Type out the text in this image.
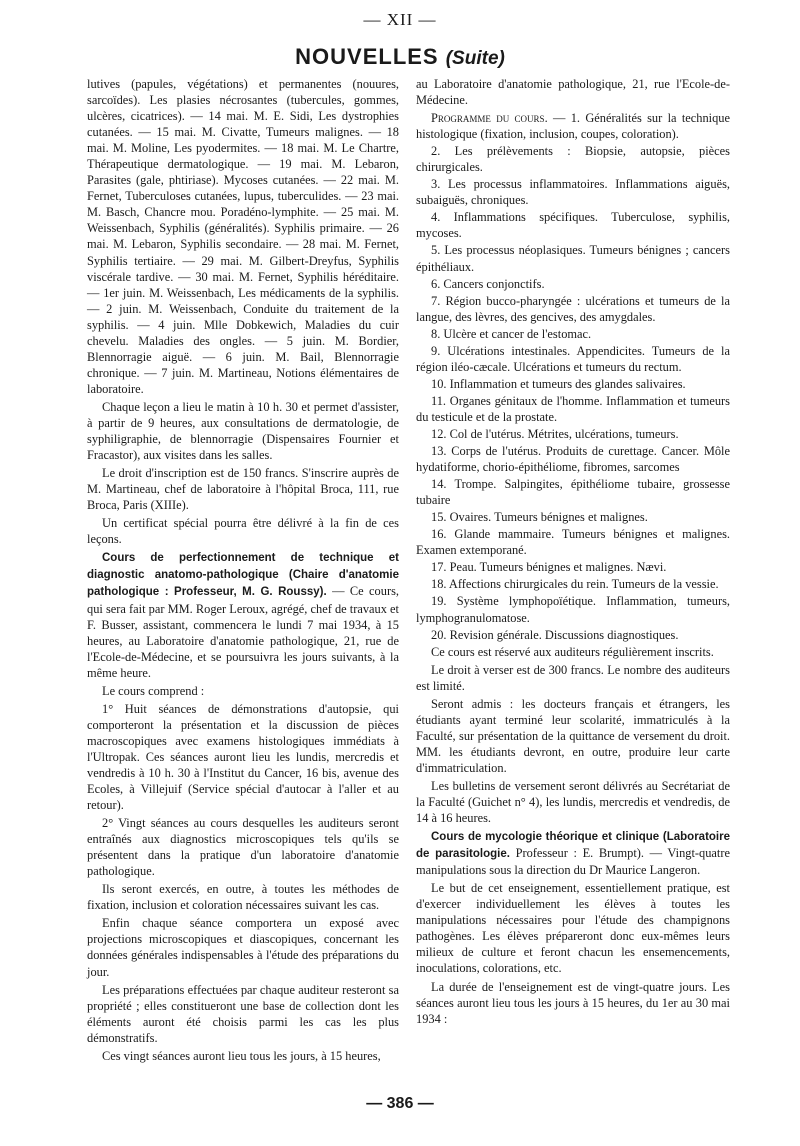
— XII —
NOUVELLES (Suite)

lutives (papules, végétations) et permanentes (nouures, sarcoïdes). Les plasies nécrosantes (tubercules, gommes, ulcères, cicatrices). — 14 mai. M. E. Sidi, Les dystrophies cutanées. — 15 mai. M. Civatte, Tumeurs malignes. — 18 mai. M. Moline, Les pyodermites. — 18 mai. M. Le Chartre, Thérapeutique dermatologique. — 19 mai. M. Lebaron, Parasites (gale, phtiriase). Mycoses cutanées. — 22 mai. M. Fernet, Tuberculoses cutanées, lupus, tuberculides. — 23 mai. M. Basch, Chancre mou. Poradéno-lymphite. — 25 mai. M. Weissenbach, Syphilis (généralités). Syphilis primaire. — 26 mai. M. Lebaron, Syphilis secondaire. — 28 mai. M. Fernet, Syphilis tertiaire. — 29 mai. M. Gilbert-Dreyfus, Syphilis viscérale tardive. — 30 mai. M. Fernet, Syphilis héréditaire. — 1er juin. M. Weissenbach, Les médicaments de la syphilis. — 2 juin. M. Weissenbach, Conduite du traitement de la syphilis. — 4 juin. Mlle Dobkewich, Maladies du cuir chevelu. Maladies des ongles. — 5 juin. M. Bordier, Blennorragie aiguë. — 6 juin. M. Bail, Blennorragie chronique. — 7 juin. M. Martineau, Notions élémentaires de laboratoire.

Chaque leçon a lieu le matin à 10 h. 30 et permet d'assister, à partir de 9 heures, aux consultations de dermatologie, de syphiligraphie, de blennorragie (Dispensaires Fournier et Fracastor), aux visites dans les salles.

Le droit d'inscription est de 150 francs. S'inscrire auprès de M. Martineau, chef de laboratoire à l'hôpital Broca, 111, rue Broca, Paris (XIIIe).

Un certificat spécial pourra être délivré à la fin de ces leçons.

Cours de perfectionnement de technique et diagnostic anatomo-pathologique (Chaire d'anatomie pathologique : Professeur, M. G. Roussy). — Ce cours, qui sera fait par MM. Roger Leroux, agrégé, chef de travaux et F. Busser, assistant, commencera le lundi 7 mai 1934, à 15 heures, au Laboratoire d'anatomie pathologique, 21, rue de l'Ecole-de-Médecine, et se poursuivra les jours suivants, à la même heure.

Le cours comprend :

1° Huit séances de démonstrations d'autopsie, qui comporteront la présentation et la discussion de pièces macroscopiques avec examens histologiques immédiats à l'Ultropak. Ces séances auront lieu les lundis, mercredis et vendredis à 10 h. 30 à l'Institut du Cancer, 16 bis, avenue des Ecoles, à Villejuif (Service spécial d'autocar à l'aller et au retour).

2° Vingt séances au cours desquelles les auditeurs seront entraînés aux diagnostics microscopiques tels qu'ils se présentent dans la pratique d'un laboratoire d'anatomie pathologique.

Ils seront exercés, en outre, à toutes les méthodes de fixation, inclusion et coloration nécessaires suivant les cas.

Enfin chaque séance comportera un exposé avec projections microscopiques et diascopiques, concernant les données générales indispensables à l'étude des préparations du jour.

Les préparations effectuées par chaque auditeur resteront sa propriété ; elles constitueront une base de collection dont les éléments auront été choisis parmi les cas les plus démonstratifs.

Ces vingt séances auront lieu tous les jours, à 15 heures,

au Laboratoire d'anatomie pathologique, 21, rue l'Ecole-de-Médecine.

Programme du cours. — 1. Généralités sur la technique histologique (fixation, inclusion, coupes, coloration).

2. Les prélèvements : Biopsie, autopsie, pièces chirurgicales.

3. Les processus inflammatoires. Inflammations aiguës, subaiguës, chroniques.

4. Inflammations spécifiques. Tuberculose, syphilis, mycoses.

5. Les processus néoplasiques. Tumeurs bénignes ; cancers épithéliaux.

6. Cancers conjonctifs.

7. Région bucco-pharyngée : ulcérations et tumeurs de la langue, des lèvres, des gencives, des amygdales.

8. Ulcère et cancer de l'estomac.

9. Ulcérations intestinales. Appendicites. Tumeurs de la région iléo-cæcale. Ulcérations et tumeurs du rectum.

10. Inflammation et tumeurs des glandes salivaires.

11. Organes génitaux de l'homme. Inflammation et tumeurs du testicule et de la prostate.

12. Col de l'utérus. Métrites, ulcérations, tumeurs.

13. Corps de l'utérus. Produits de curettage. Cancer. Môle hydatiforme, chorio-épithéliome, fibromes, sarcomes

14. Trompe. Salpingites, épithéliome tubaire, grossesse tubaire

15. Ovaires. Tumeurs bénignes et malignes.

16. Glande mammaire. Tumeurs bénignes et malignes. Examen extemporané.

17. Peau. Tumeurs bénignes et malignes. Nævi.

18. Affections chirurgicales du rein. Tumeurs de la vessie.

19. Système lymphopoïétique. Inflammation, tumeurs, lymphogranulomatose.

20. Revision générale. Discussions diagnostiques.

Ce cours est réservé aux auditeurs régulièrement inscrits.

Le droit à verser est de 300 francs. Le nombre des auditeurs est limité.

Seront admis : les docteurs français et étrangers, les étudiants ayant terminé leur scolarité, immatriculés à la Faculté, sur présentation de la quittance de versement du droit. MM. les étudiants devront, en outre, produire leur carte d'immatriculation.

Les bulletins de versement seront délivrés au Secrétariat de la Faculté (Guichet n° 4), les lundis, mercredis et vendredis, de 14 à 16 heures.

Cours de mycologie théorique et clinique (Laboratoire de parasitologie. Professeur : E. Brumpt). — Vingt-quatre manipulations sous la direction du Dr Maurice Langeron.

Le but de cet enseignement, essentiellement pratique, est d'exercer individuellement les élèves à toutes les manipulations nécessaires pour l'étude des champignons pathogènes. Les élèves prépareront donc eux-mêmes leurs milieux de culture et feront chacun les ensemencements, inoculations, colorations, etc.

La durée de l'enseignement est de vingt-quatre jours. Les séances auront lieu tous les jours à 15 heures, du 1er au 30 mai 1934 :

— 386 —
